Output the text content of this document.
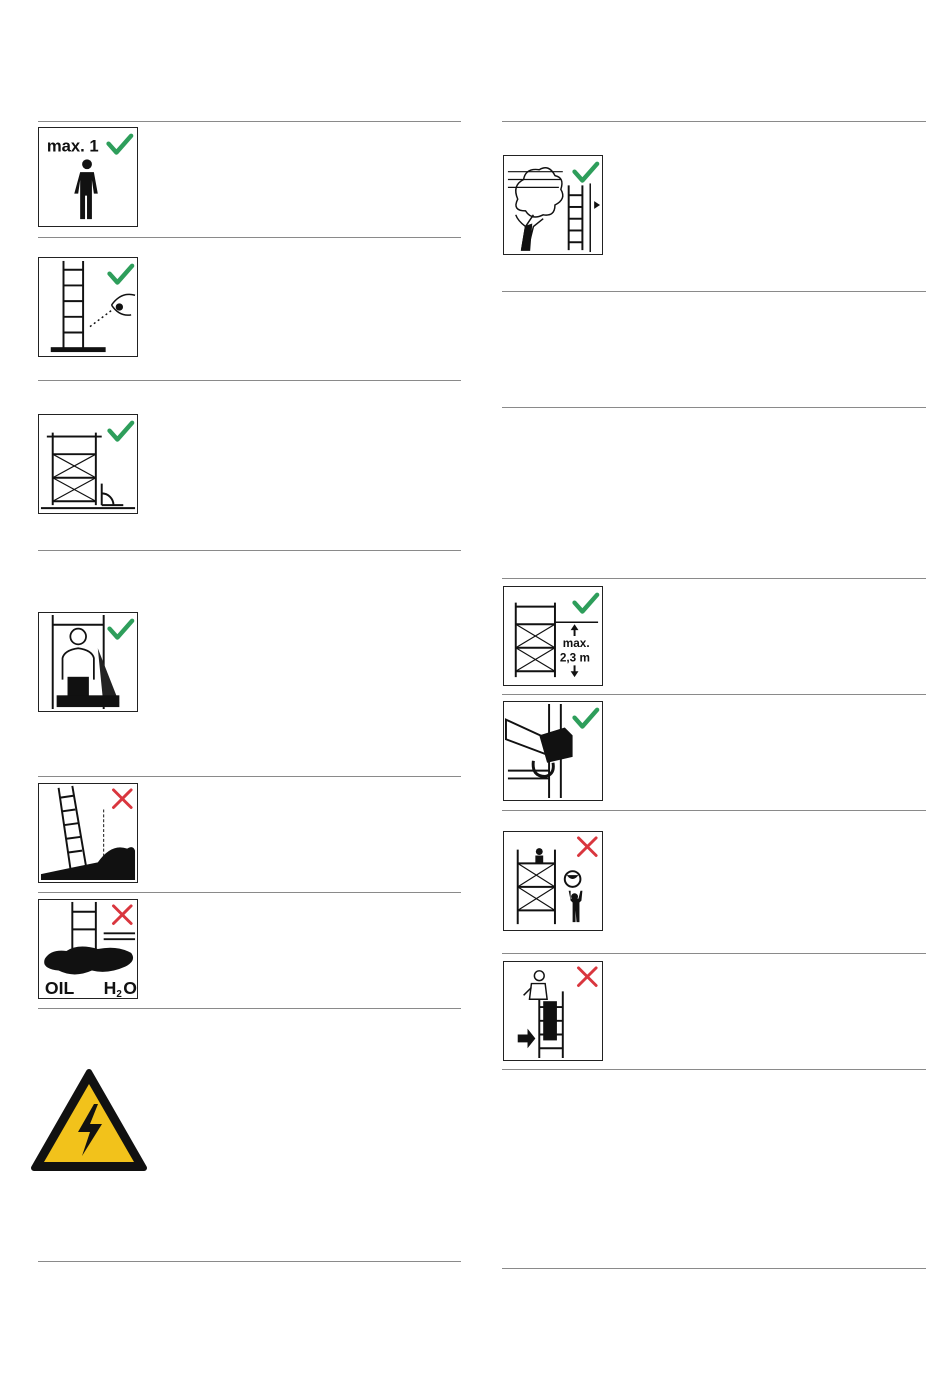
max. 1
OIL H 2 O
max.
2,3 m
